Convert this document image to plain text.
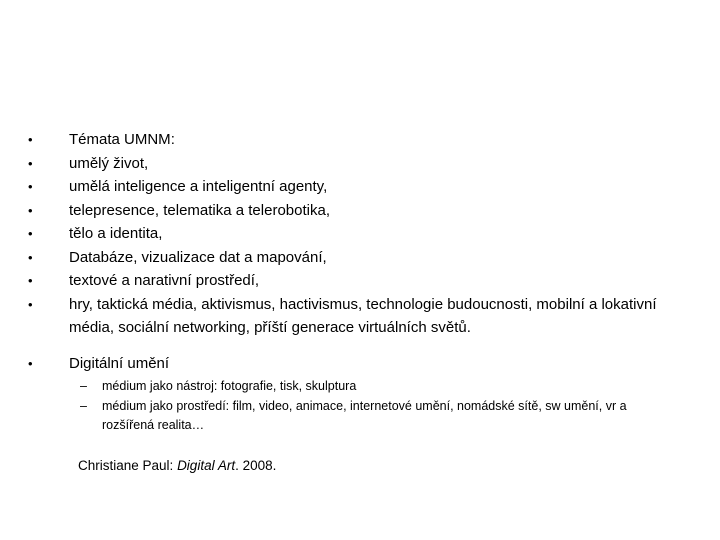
•	Témata UMNM:
•	umělý život,
•	umělá inteligence a inteligentní agenty,
•	telepresence, telematika a telerobotika,
•	tělo a identita,
•	Databáze, vizualizace dat a mapování,
•	textové a narativní prostředí,
•	hry, taktická média, aktivismus, hactivismus, technologie budoucnosti, mobilní a lokativní média, sociální networking, příští generace virtuálních světů.
•	Digitální umění
– médium jako nástroj: fotografie, tisk, skulptura
– médium jako prostředí: film, video, animace, internetové umění, nomádské sítě, sw umění, vr a rozšířená realita…
Christiane Paul: Digital Art. 2008.
